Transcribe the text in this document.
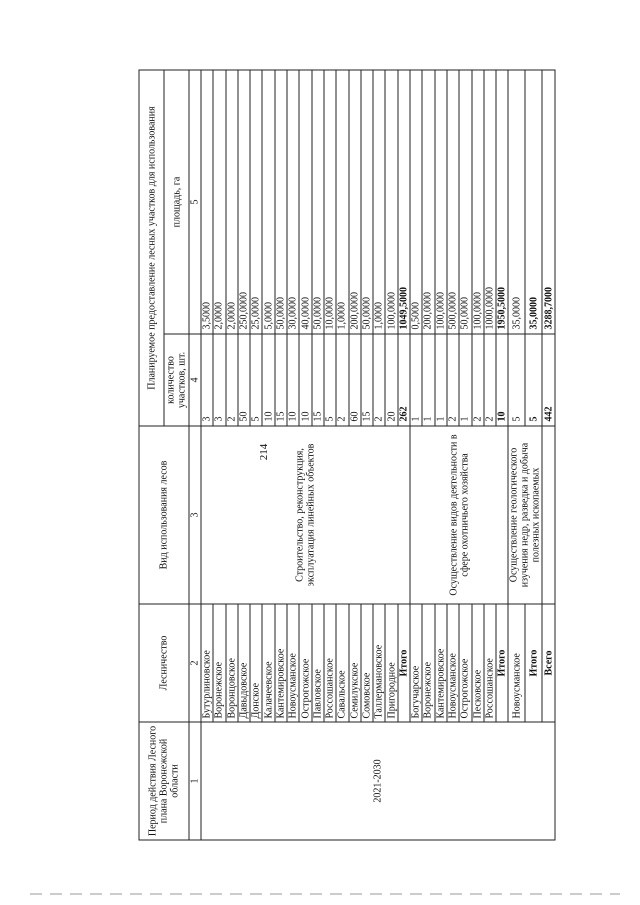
214
Период действия Лесного плана Воронежской области	Лесничество	Вид использования лесов	Планируемое предоставление лесных участков для использования	
			количество участков, шт.	площадь, га
1	2	3	4	5
2021-2030	Бутурлиновское	Строительство, реконструкция, эксплуатация линейных объектов	3	3,5000
	Воронежское		3	2,0000
	Воронцовское		2	2,0000
	Давыдовское		50	250,0000
	Донское		5	25,0000
	Калачеевское		10	5,0000
	Кантемировское		15	50,0000
	Новоусманское		10	30,0000
	Острогожское		10	40,0000
	Павловское		15	50,0000
	Россошанское		5	10,0000
	Савальское		2	1,0000
	Семилукское		60	200,0000
	Сомовское		15	50,0000
	Таллермановское		2	1,0000
	Пригородное		20	100,0000
	Итого		262	1049,5000
	Богучарское	Осуществление видов деятельности в сфере охотничьего хозяйства	1	0,5000
	Воронежское		1	200,0000
	Кантемировское		1	100,0000
	Новоусманское		2	500,0000
	Острогожское		1	50,0000
	Песковское		2	100,0000
	Россошанское		2	1000,0000
	Итого		10	1950,5000
	Новоусманское	Осуществление геологического изучения недр, разведка и добыча полезных ископаемых	5	35,0000
	Итого		5	35,0000
	Всего		442	3288,7000
